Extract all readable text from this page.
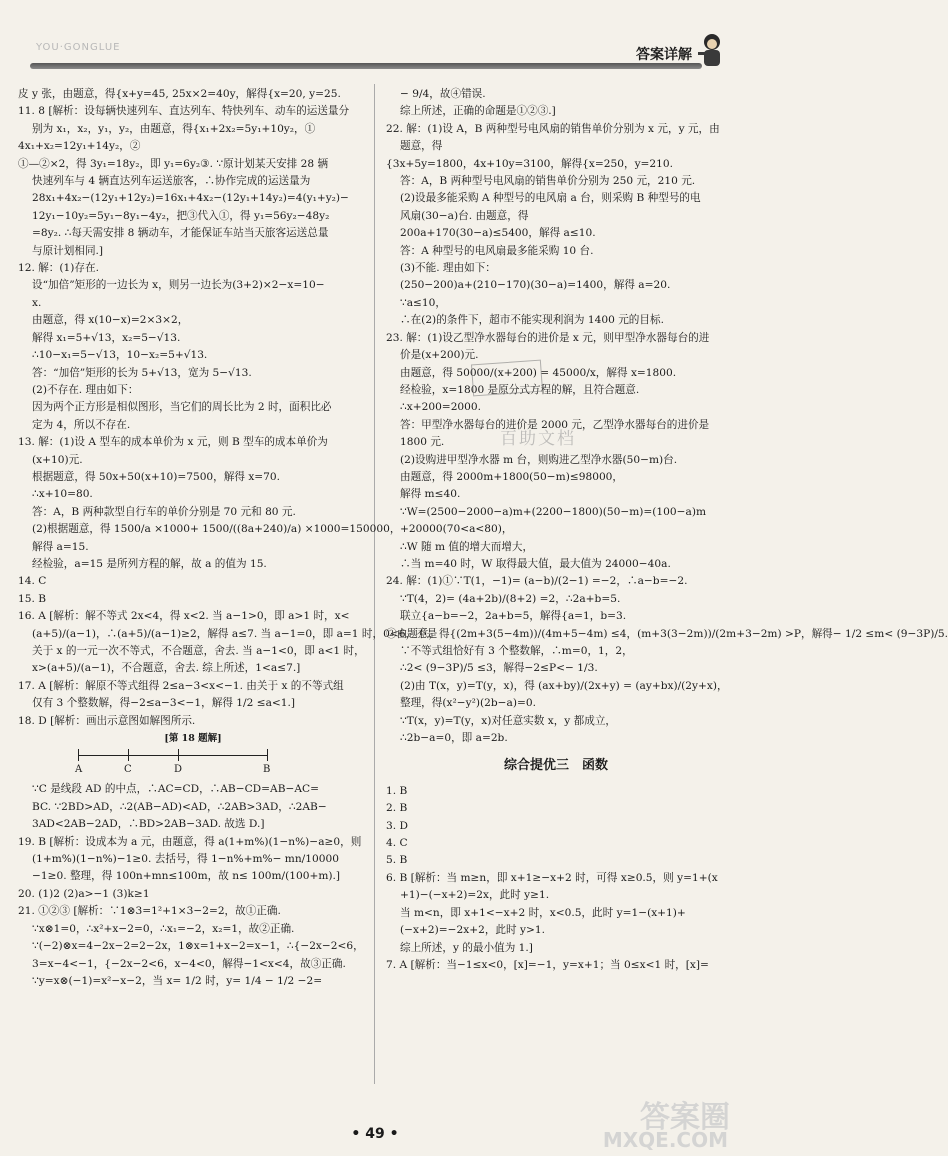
YOU·GONGLUE	答案详解
皮 y 张，由题意，得{x+y=45, 25x×2=40y，解得{x=20, y=25.
11. 8 [解析：设每辆快速列车、直达列车、特快列车、动车的运送量分
别为 x₁，x₂，y₁，y₂，由题意，得{x₁+2x₂=5y₁+10y₂，①
4x₁+x₂=12y₁+14y₂，②
①—②×2，得 3y₁=18y₂，即 y₁=6y₂③. ∵原计划某天安排 28 辆
快速列车与 4 辆直达列车运送旅客，∴协作完成的运送量为
28x₁+4x₂−(12y₁+12y₂)=16x₁+4x₂−(12y₁+14y₂)=4(y₁+y₂)−
12y₁−10y₂=5y₁−8y₁−4y₂，把③代入①，得 y₁=56y₂−48y₂
=8y₂. ∴每天需安排 8 辆动车，才能保证车站当天旅客运送总量
与原计划相同.]
12. 解：(1)存在.
设“加倍”矩形的一边长为 x，则另一边长为(3+2)×2−x=10−
x.
由题意，得 x(10−x)=2×3×2，
解得 x₁=5+√13，x₂=5−√13.
∴10−x₁=5−√13，10−x₂=5+√13.
答：“加倍”矩形的长为 5+√13，宽为 5−√13.
(2)不存在. 理由如下：
因为两个正方形是相似图形，当它们的周长比为 2 时，面积比必
定为 4，所以不存在.
13. 解：(1)设 A 型车的成本单价为 x 元，则 B 型车的成本单价为
(x+10)元.
根据题意，得 50x+50(x+10)=7500，解得 x=70.
∴x+10=80.
答：A，B 两种款型自行车的单价分别是 70 元和 80 元.
(2)根据题意，得 1500/a ×1000+ 1500/((8a+240)/a) ×1000=150000，
解得 a=15.
经检验，a=15 是所列方程的解，故 a 的值为 15.
14. C
15. B
16. A [解析：解不等式 2x<4，得 x<2. 当 a−1>0，即 a>1 时，x<
(a+5)/(a−1)，∴(a+5)/(a−1)≥2，解得 a≤7. 当 a−1=0，即 a=1 时，0<6，不是
关于 x 的一元一次不等式，不合题意，舍去. 当 a−1<0，即 a<1 时，
x>(a+5)/(a−1)，不合题意，舍去. 综上所述，1<a≤7.]
17. A [解析：解原不等式组得 2≤a−3<x<−1. 由关于 x 的不等式组
仅有 3 个整数解，得−2≤a−3<−1，解得 1/2 ≤a<1.]
18. D [解析：画出示意图如解图所示.
[第 18 题解]
A	C	D	B
∵C 是线段 AD 的中点，∴AC=CD，∴AB−CD=AB−AC=
BC. ∵2BD>AD，∴2(AB−AD)<AD，∴2AB>3AD，∴2AB−
3AD<2AB−2AD，∴BD>2AB−3AD. 故选 D.]
19. B [解析：设成本为 a 元，由题意，得 a(1+m%)(1−n%)−a≥0，则
(1+m%)(1−n%)−1≥0. 去括号，得 1−n%+m%− mn/10000
−1≥0. 整理，得 100n+mn≤100m，故 n≤ 100m/(100+m).]
20. (1)2 (2)a>−1 (3)k≥1
21. ①②③ [解析：∵1⊗3=1²+1×3−2=2，故①正确.
∵x⊗1=0，∴x²+x−2=0，∴x₁=−2，x₂=1，故②正确.
∵(−2)⊗x=4−2x−2=2−2x，1⊗x=1+x−2=x−1，∴{−2x−2<6，
3=x−4<−1，{−2x−2<6，x−4<0，解得−1<x<4，故③正确.
∵y=x⊗(−1)=x²−x−2，当 x= 1/2 时，y= 1/4 − 1/2 −2=
− 9/4，故④错误.
综上所述，正确的命题是①②③.]
22. 解：(1)设 A，B 两种型号电风扇的销售单价分别为 x 元，y 元，由
题意，得
{3x+5y=1800，4x+10y=3100，解得{x=250，y=210.
答：A，B 两种型号电风扇的销售单价分别为 250 元，210 元.
(2)设最多能采购 A 种型号的电风扇 a 台，则采购 B 种型号的电
风扇(30−a)台. 由题意，得
200a+170(30−a)≤5400，解得 a≤10.
答：A 种型号的电风扇最多能采购 10 台.
(3)不能. 理由如下：
(250−200)a+(210−170)(30−a)=1400，解得 a=20.
∵a≤10，
∴在(2)的条件下，超市不能实现利润为 1400 元的目标.
23. 解：(1)设乙型净水器每台的进价是 x 元，则甲型净水器每台的进
价是(x+200)元.
由题意，得 50000/(x+200) = 45000/x，解得 x=1800.
经检验，x=1800 是原分式方程的解，且符合题意.
∴x+200=2000.
答：甲型净水器每台的进价是 2000 元，乙型净水器每台的进价是
1800 元.
(2)设购进甲型净水器 m 台，则购进乙型净水器(50−m)台.
由题意，得 2000m+1800(50−m)≤98000，
解得 m≤40.
∵W=(2500−2000−a)m+(2200−1800)(50−m)=(100−a)m
+20000(70<a<80)，
∴W 随 m 值的增大而增大，
∴当 m=40 时，W 取得最大值，最大值为 24000−40a.
24. 解：(1)①∵T(1，−1)= (a−b)/(2−1) =−2，∴a−b=−2.
∵T(4，2)= (4a+2b)/(8+2) =2，∴2a+b=5.
联立{a−b=−2，2a+b=5，解得{a=1，b=3.
②由题意，得{(2m+3(5−4m))/(4m+5−4m) ≤4，(m+3(3−2m))/(2m+3−2m) >P，解得− 1/2 ≤m< (9−3P)/5.
∵不等式组恰好有 3 个整数解，∴m=0，1，2，
∴2< (9−3P)/5 ≤3，解得−2≤P<− 1/3.
(2)由 T(x，y)=T(y，x)，得 (ax+by)/(2x+y) = (ay+bx)/(2y+x)，
整理，得(x²−y²)(2b−a)=0.
∵T(x，y)=T(y，x)对任意实数 x，y 都成立，
∴2b−a=0，即 a=2b.
综合提优三　函数
1. B
2. B
3. D
4. C
5. B
6. B [解析：当 m≥n，即 x+1≥−x+2 时，可得 x≥0.5，则 y=1+(x
+1)−(−x+2)=2x，此时 y≥1.
当 m<n，即 x+1<−x+2 时，x<0.5，此时 y=1−(x+1)+
(−x+2)=−2x+2，此时 y>1.
综上所述，y 的最小值为 1.]
7. A [解析：当−1≤x<0，[x]=−1，y=x+1；当 0≤x<1 时，[x]=
百助文档
• 49 •	答案圈
MXQE.COM
